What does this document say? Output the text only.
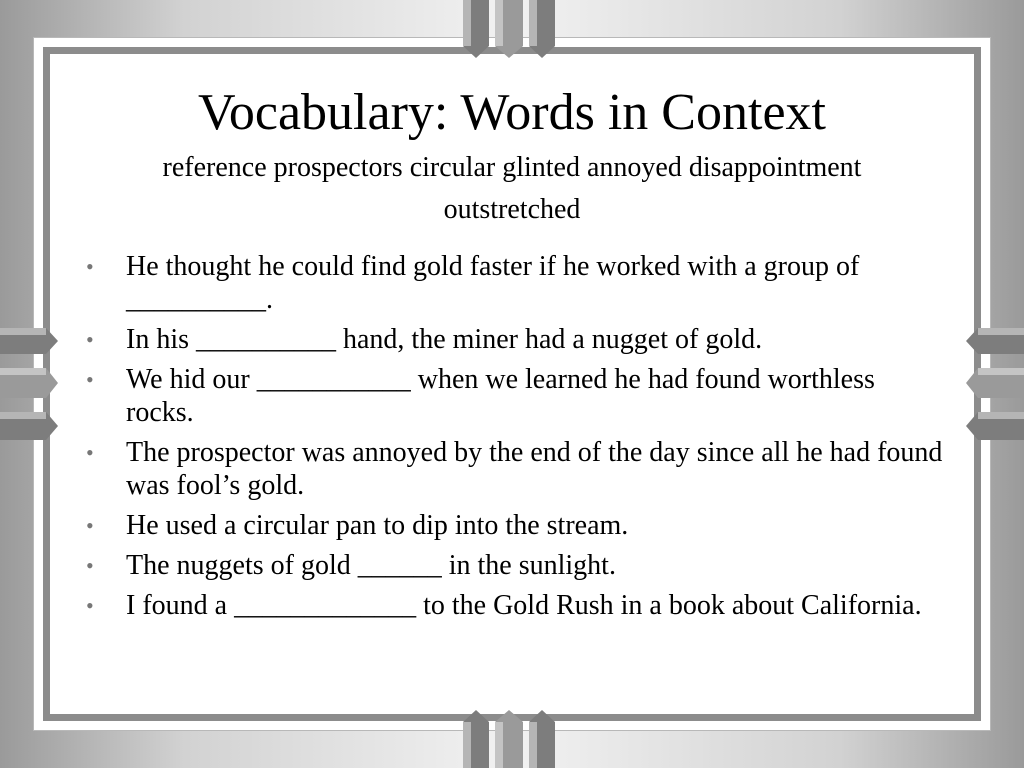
Vocabulary: Words in Context
reference prospectors circular glinted annoyed disappointment outstretched
• He thought he could find gold faster if he worked with a group of __________.
• In his __________ hand, the miner had a nugget of gold.
• We hid our ___________ when we learned he had found worthless rocks.
• The prospector was annoyed by the end of the day since all he had found was fool’s gold.
• He used a circular pan to dip into the stream.
• The nuggets of gold ______ in the sunlight.
• I found a _____________ to the Gold Rush in a book about California.
